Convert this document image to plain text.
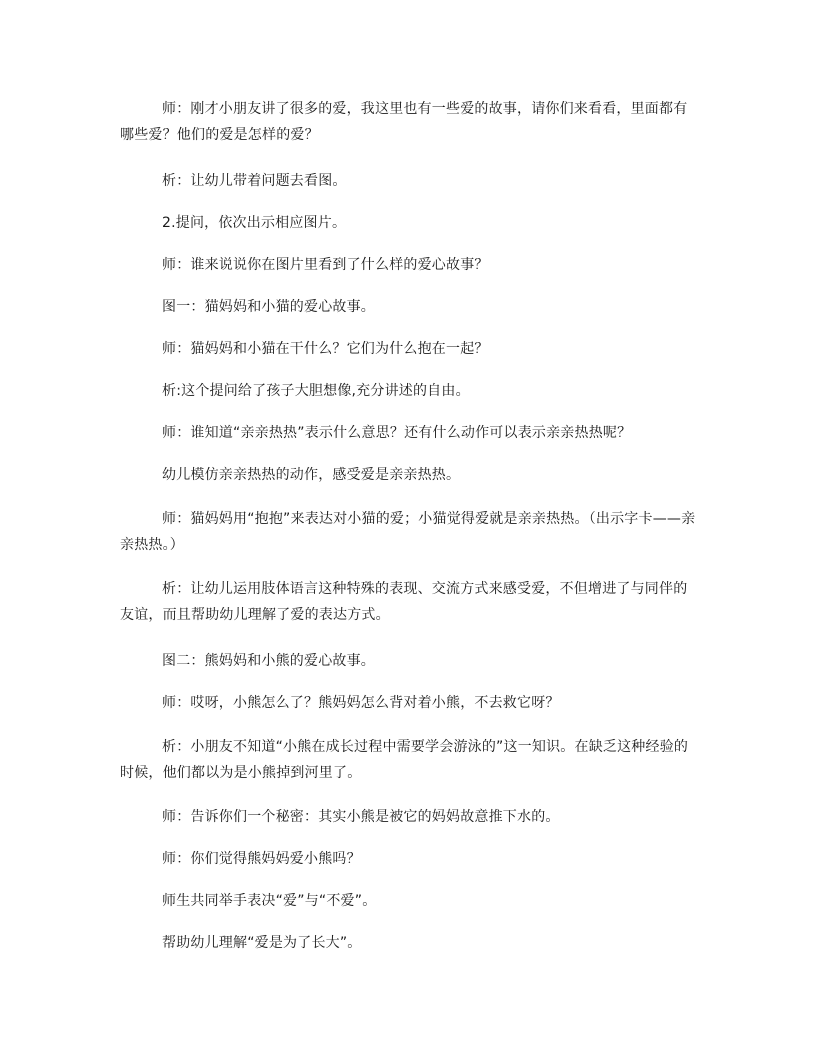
师：刚才小朋友讲了很多的爱，我这里也有一些爱的故事，请你们来看看，里面都有哪些爱？他们的爱是怎样的爱？

析：让幼儿带着问题去看图。

2.提问，依次出示相应图片。

师：谁来说说你在图片里看到了什么样的爱心故事？

图一：猫妈妈和小猫的爱心故事。

师：猫妈妈和小猫在干什么？它们为什么抱在一起？

析:这个提问给了孩子大胆想像,充分讲述的自由。

师：谁知道“亲亲热热”表示什么意思？还有什么动作可以表示亲亲热热呢？

幼儿模仿亲亲热热的动作，感受爱是亲亲热热。

师：猫妈妈用“抱抱”来表达对小猫的爱；小猫觉得爱就是亲亲热热。（出示字卡——亲亲热热。）

析：让幼儿运用肢体语言这种特殊的表现、交流方式来感受爱，不但增进了与同伴的友谊，而且帮助幼儿理解了爱的表达方式。

图二：熊妈妈和小熊的爱心故事。

师：哎呀，小熊怎么了？熊妈妈怎么背对着小熊，不去救它呀？

析：小朋友不知道“小熊在成长过程中需要学会游泳的”这一知识。在缺乏这种经验的时候，他们都以为是小熊掉到河里了。

师：告诉你们一个秘密：其实小熊是被它的妈妈故意推下水的。

师：你们觉得熊妈妈爱小熊吗？

师生共同举手表决“爱”与“不爱”。

帮助幼儿理解“爱是为了长大”。
